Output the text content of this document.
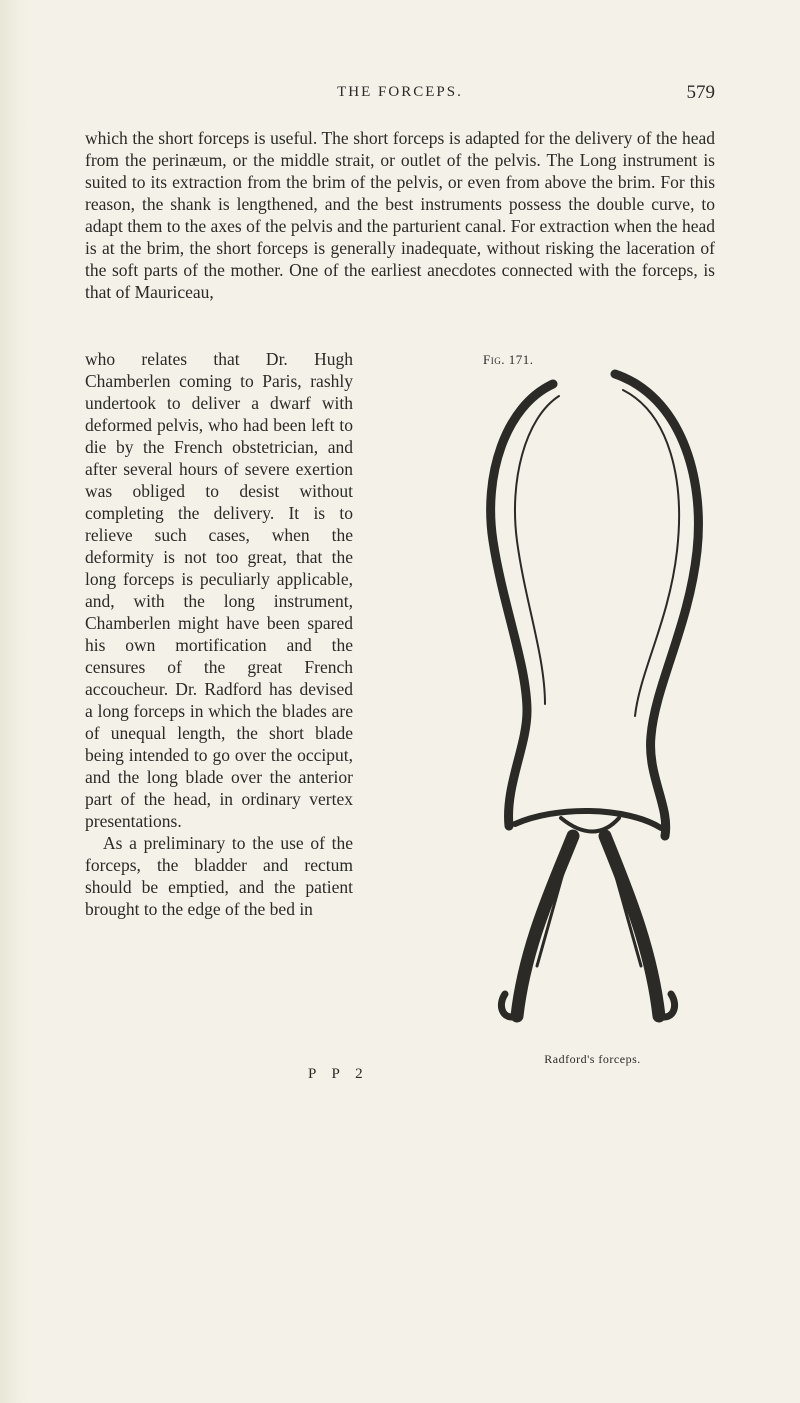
THE FORCEPS.	579

which the short forceps is useful. The short forceps is adapted for the delivery of the head from the perinæum, or the middle strait, or outlet of the pelvis. The Long instrument is suited to its extraction from the brim of the pelvis, or even from above the brim. For this reason, the shank is lengthened, and the best instruments possess the double curve, to adapt them to the axes of the pelvis and the parturient canal. For extraction when the head is at the brim, the short forceps is generally inadequate, without risking the laceration of the soft parts of the mother. One of the earliest anecdotes connected with the forceps, is that of Mauriceau,

who relates that Dr. Hugh Chamberlen coming to Paris, rashly undertook to deliver a dwarf with deformed pelvis, who had been left to die by the French obstetrician, and after several hours of severe exertion was obliged to desist without completing the delivery. It is to relieve such cases, when the deformity is not too great, that the long forceps is peculiarly applicable, and, with the long instrument, Chamberlen might have been spared his own mortification and the censures of the great French accoucheur. Dr. Radford has devised a long forceps in which the blades are of unequal length, the short blade being intended to go over the occiput, and the long blade over the anterior part of the head, in ordinary vertex presentations.

As a preliminary to the use of the forceps, the bladder and rectum should be emptied, and the patient brought to the edge of the bed in

Fig. 171.
Radford's forceps.
P P 2
